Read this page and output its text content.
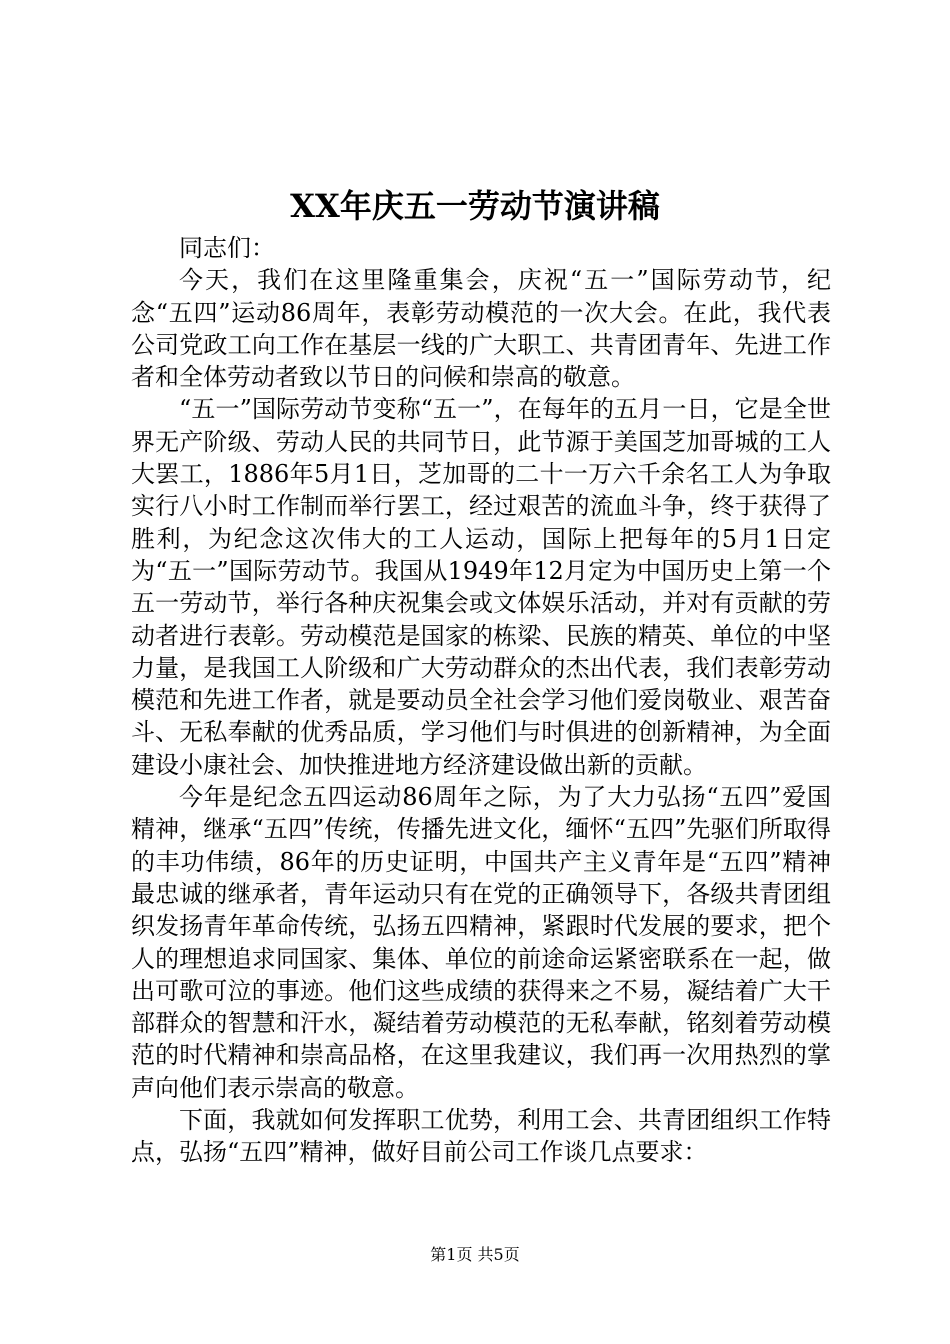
XX年庆五一劳动节演讲稿

同志们：

今天，我们在这里隆重集会，庆祝“五一”国际劳动节，纪念“五四”运动86周年，表彰劳动模范的一次大会。在此，我代表公司党政工向工作在基层一线的广大职工、共青团青年、先进工作者和全体劳动者致以节日的问候和崇高的敬意。

“五一”国际劳动节变称“五一”，在每年的五月一日，它是全世界无产阶级、劳动人民的共同节日，此节源于美国芝加哥城的工人大罢工，1886年5月1日，芝加哥的二十一万六千余名工人为争取实行八小时工作制而举行罢工，经过艰苦的流血斗争，终于获得了胜利，为纪念这次伟大的工人运动，国际上把每年的5月1日定为“五一”国际劳动节。我国从1949年12月定为中国历史上第一个五一劳动节，举行各种庆祝集会或文体娱乐活动，并对有贡献的劳动者进行表彰。劳动模范是国家的栋梁、民族的精英、单位的中坚力量，是我国工人阶级和广大劳动群众的杰出代表，我们表彰劳动模范和先进工作者，就是要动员全社会学习他们爱岗敬业、艰苦奋斗、无私奉献的优秀品质，学习他们与时俱进的创新精神，为全面建设小康社会、加快推进地方经济建设做出新的贡献。

今年是纪念五四运动86周年之际，为了大力弘扬“五四”爱国精神，继承“五四”传统，传播先进文化，缅怀“五四”先驱们所取得的丰功伟绩，86年的历史证明，中国共产主义青年是“五四”精神最忠诚的继承者，青年运动只有在党的正确领导下，各级共青团组织发扬青年革命传统，弘扬五四精神，紧跟时代发展的要求，把个人的理想追求同国家、集体、单位的前途命运紧密联系在一起，做出可歌可泣的事迹。他们这些成绩的获得来之不易，凝结着广大干部群众的智慧和汗水，凝结着劳动模范的无私奉献，铭刻着劳动模范的时代精神和崇高品格，在这里我建议，我们再一次用热烈的掌声向他们表示崇高的敬意。

下面，我就如何发挥职工优势，利用工会、共青团组织工作特点，弘扬“五四”精神，做好目前公司工作谈几点要求：

第1页 共5页
